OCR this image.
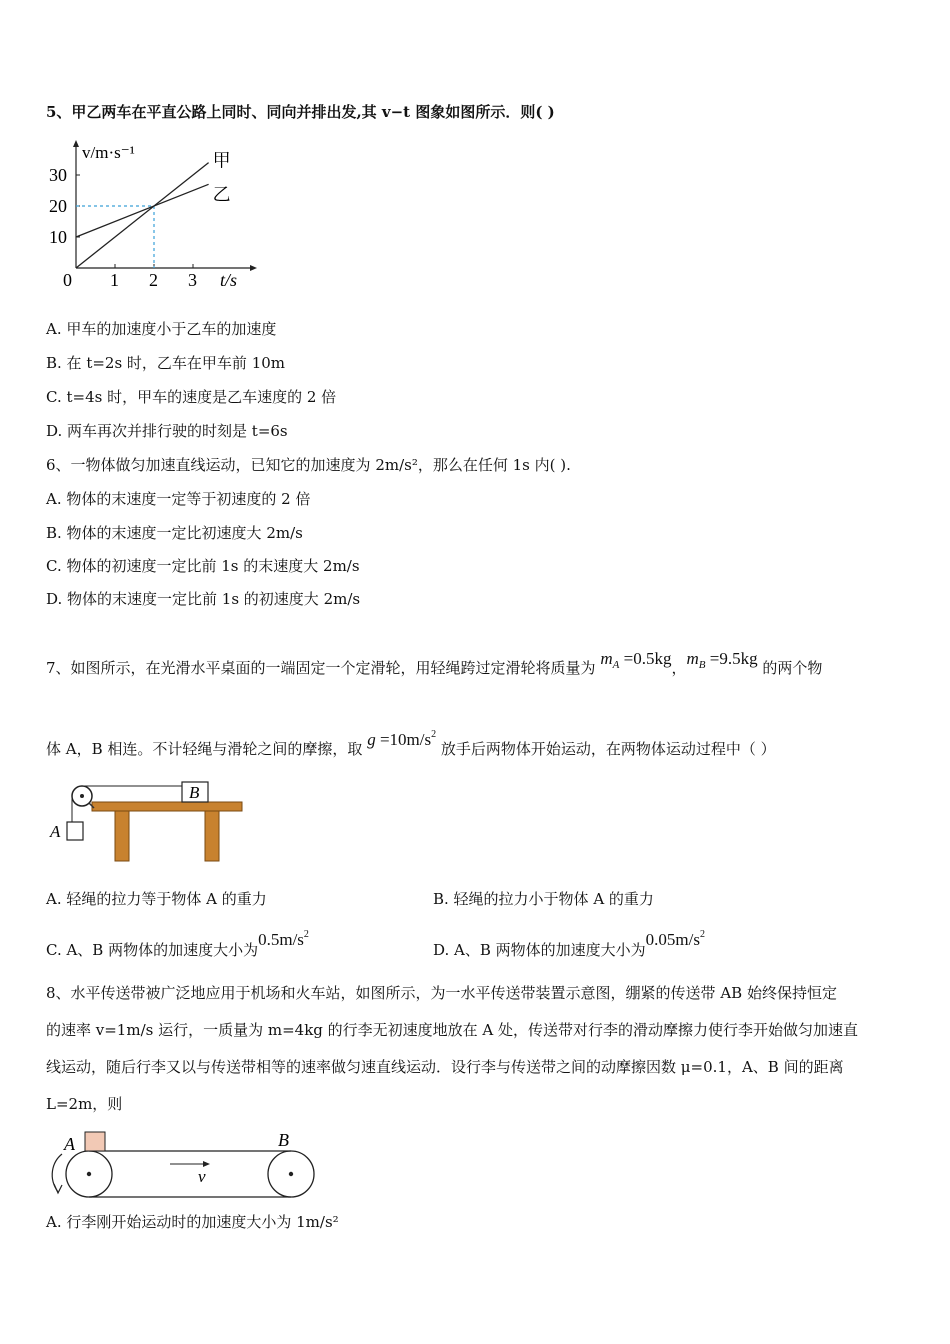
5、甲乙两车在平直公路上同时、同向并排出发,其 v−t 图象如图所示．则( )
0 1 2 3
10
20
30
t/s
v/m·s⁻¹	甲
乙
A. 甲车的加速度小于乙车的加速度
B. 在 t=2s 时，乙车在甲车前 10m
C. t=4s 时，甲车的速度是乙车速度的 2 倍
D. 两车再次并排行驶的时刻是 t=6s
6、一物体做匀加速直线运动，已知它的加速度为 2m/s²，那么在任何 1s 内( ).
A. 物体的末速度一定等于初速度的 2 倍
B. 物体的末速度一定比初速度大 2m/s
C. 物体的初速度一定比前 1s 的末速度大 2m/s
D. 物体的末速度一定比前 1s 的初速度大 2m/s
7、如图所示，在光滑水平桌面的一端固定一个定滑轮，用轻绳跨过定滑轮将质量为 $m_A =0.5kg$，$m_B =9.5kg$ 的两个物
体 A，B 相连。不计轻绳与滑轮之间的摩擦，取 $g =10m/s^2$ 放手后两物体开始运动，在两物体运动过程中（ ）
B
A
A. 轻绳的拉力等于物体 A 的重力	B. 轻绳的拉力小于物体 A 的重力
C. A、B 两物体的加速度大小为$0.5m/s^2$
D. A、B 两物体的加速度大小为$0.05m/s^2$
8、水平传送带被广泛地应用于机场和火车站，如图所示，为一水平传送带装置示意图，绷紧的传送带 AB 始终保持恒定
的速率 v=1m/s 运行，一质量为 m=4kg 的行李无初速度地放在 A 处，传送带对行李的滑动摩擦力使行李开始做匀加速直
线运动，随后行李又以与传送带相等的速率做匀速直线运动．设行李与传送带之间的动摩擦因数 μ=0.1，A、B 间的距离
L=2m，则
A	B
v
A. 行李刚开始运动时的加速度大小为 1m/s²
